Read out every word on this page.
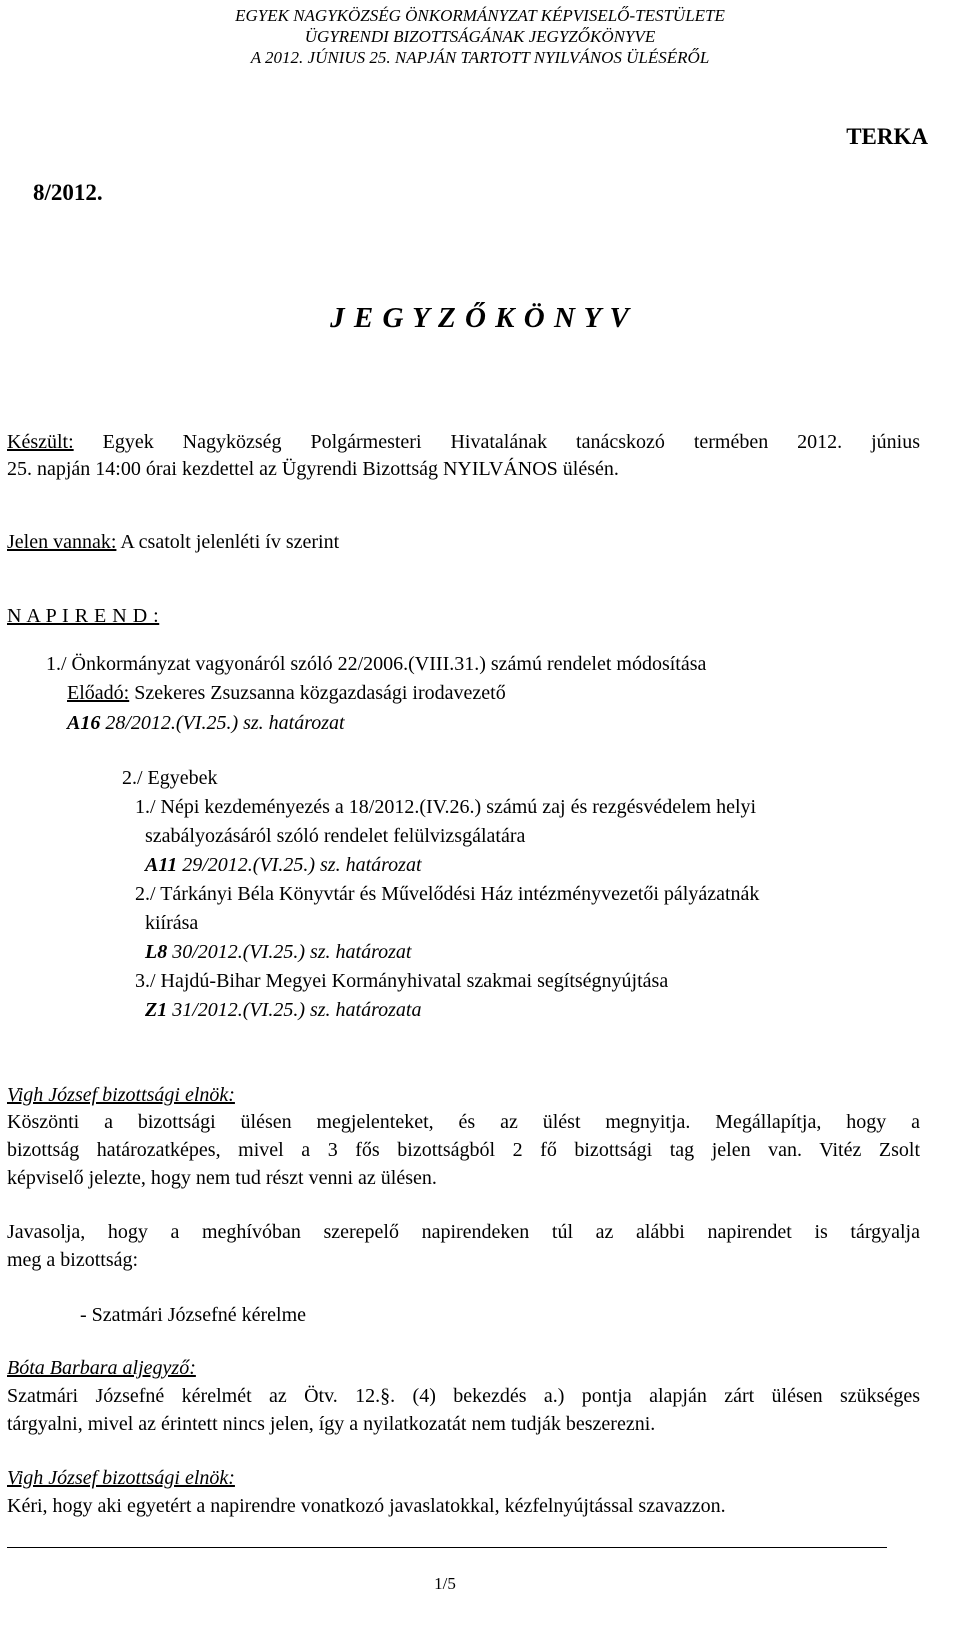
EGYEK NAGYKÖZSÉG ÖNKORMÁNYZAT KÉPVISELŐ-TESTÜLETE
ÜGYRENDI BIZOTTSÁGÁNAK JEGYZŐKÖNYVE
A 2012. JÚNIUS 25. NAPJÁN TARTOTT NYILVÁNOS ÜLÉSÉRŐL
TERKA
8/2012.
J E G Y Z Ő K Ö N Y V
Készült: Egyek Nagyközség Polgármesteri Hivatalának tanácskozó termében 2012. június
25. napján 14:00 órai kezdettel az Ügyrendi Bizottság NYILVÁNOS ülésén.
Jelen vannak: A csatolt jelenléti ív szerint
N A P I R E N D :
1./ Önkormányzat vagyonáról szóló 22/2006.(VIII.31.) számú rendelet módosítása
Előadó: Szekeres Zsuzsanna közgazdasági irodavezető
A16 28/2012.(VI.25.) sz. határozat
2./ Egyebek
1./ Népi kezdeményezés a 18/2012.(IV.26.) számú zaj és rezgésvédelem helyi
szabályozásáról szóló rendelet felülvizsgálatára
A11 29/2012.(VI.25.) sz. határozat
2./ Tárkányi Béla Könyvtár és Művelődési Ház intézményvezetői pályázatnák
kiírása
L8 30/2012.(VI.25.) sz. határozat
3./ Hajdú-Bihar Megyei Kormányhivatal szakmai segítségnyújtása
Z1 31/2012.(VI.25.) sz. határozata
Vigh József bizottsági elnök:
Köszönti a bizottsági ülésen megjelenteket, és az ülést megnyitja. Megállapítja, hogy a
bizottság határozatképes, mivel a 3 fős bizottságból 2 fő bizottsági tag jelen van. Vitéz Zsolt
képviselő jelezte, hogy nem tud részt venni az ülésen.
Javasolja, hogy a meghívóban szerepelő napirendeken túl az alábbi napirendet is tárgyalja
meg a bizottság:
- Szatmári Józsefné kérelme
Bóta Barbara aljegyző:
Szatmári Józsefné kérelmét az Ötv. 12.§. (4) bekezdés a.) pontja alapján zárt ülésen szükséges
tárgyalni, mivel az érintett nincs jelen, így a nyilatkozatát nem tudják beszerezni.
Vigh József bizottsági elnök:
Kéri, hogy aki egyetért a napirendre vonatkozó javaslatokkal, kézfelnyújtással szavazzon.
1/5
